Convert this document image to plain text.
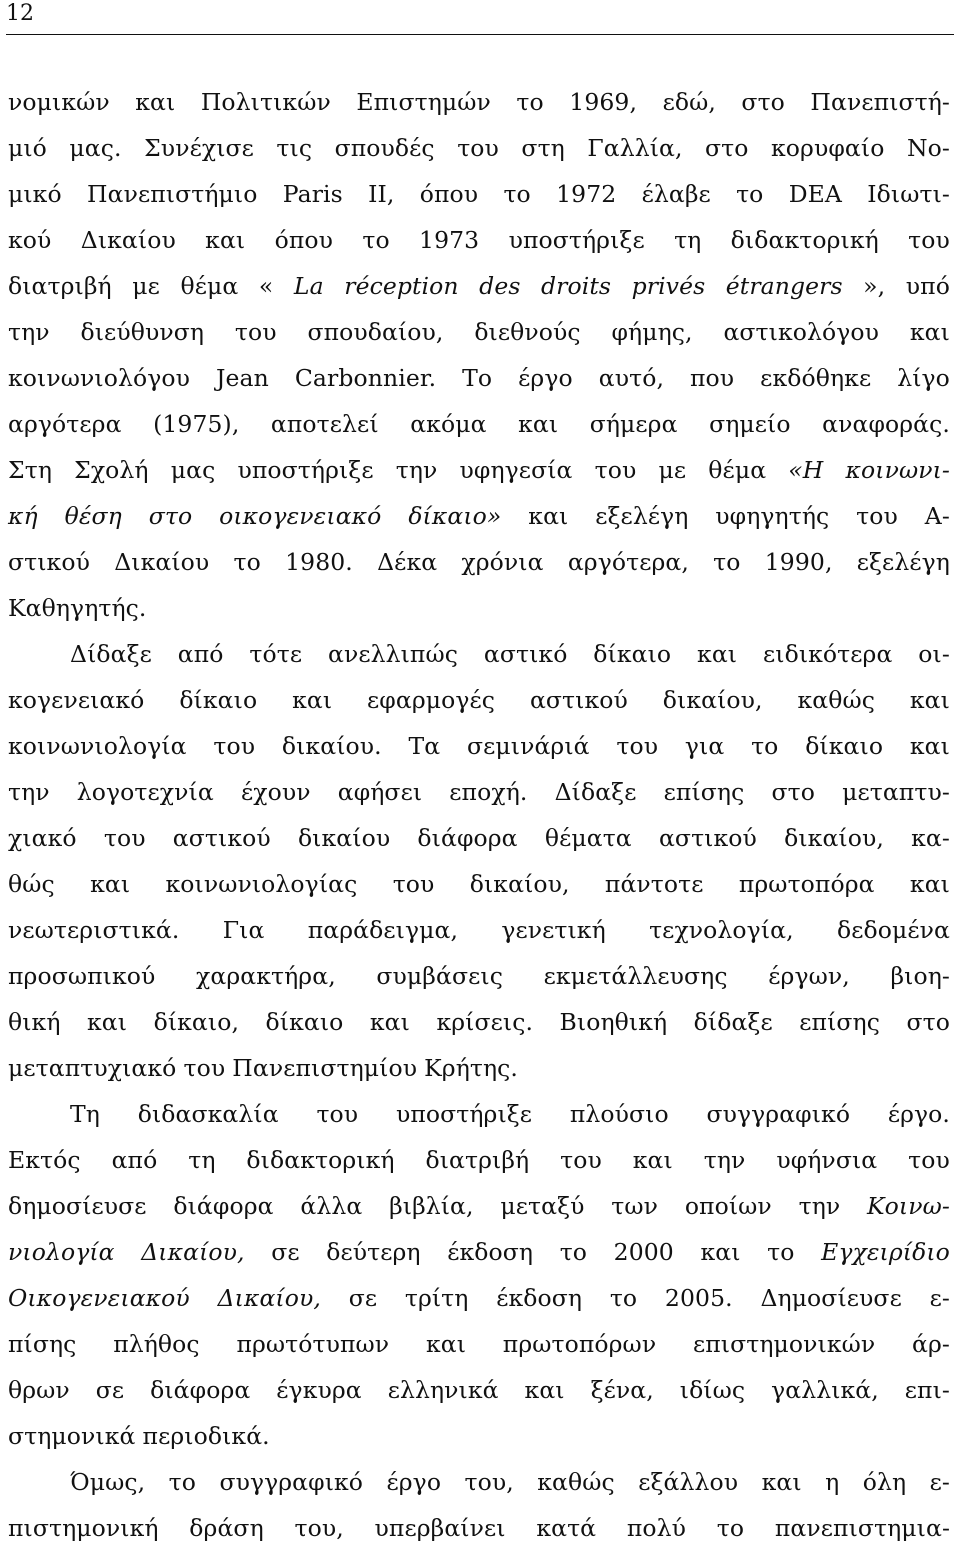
12
νομικών και Πολιτικών Επιστημών το 1969, εδώ, στο Πανεπιστή-
μιό μας. Συνέχισε τις σπουδές του στη Γαλλία, στο κορυφαίο Νο-
μικό Πανεπιστήμιο Paris II, όπου το 1972 έλαβε το DEA Ιδιωτι-
κού Δικαίου και όπου το 1973 υποστήριξε τη διδακτορική του
διατριβή με θέμα « La réception des droits privés étrangers », υπό
την διεύθυνση του σπουδαίου, διεθνούς φήμης, αστικολόγου και
κοινωνιολόγου Jean Carbonnier. Το έργο αυτό, που εκδόθηκε λίγο
αργότερα (1975), αποτελεί ακόμα και σήμερα σημείο αναφοράς.
Στη Σχολή μας υποστήριξε την υφηγεσία του με θέμα «Η κοινωνι-
κή θέση στο οικογενειακό δίκαιο» και εξελέγη υφηγητής του Α-
στικού Δικαίου το 1980. Δέκα χρόνια αργότερα, το 1990, εξελέγη
Καθηγητής.
Δίδαξε από τότε ανελλιπώς αστικό δίκαιο και ειδικότερα οι-
κογενειακό δίκαιο και εφαρμογές αστικού δικαίου, καθώς και
κοινωνιολογία του δικαίου. Τα σεμινάριά του για το δίκαιο και
την λογοτεχνία έχουν αφήσει εποχή. Δίδαξε επίσης στο μεταπτυ-
χιακό του αστικού δικαίου διάφορα θέματα αστικού δικαίου, κα-
θώς και κοινωνιολογίας του δικαίου, πάντοτε πρωτοπόρα και
νεωτεριστικά. Για παράδειγμα, γενετική τεχνολογία, δεδομένα
προσωπικού χαρακτήρα, συμβάσεις εκμετάλλευσης έργων, βιοη-
θική και δίκαιο, δίκαιο και κρίσεις. Βιοηθική δίδαξε επίσης στο
μεταπτυχιακό του Πανεπιστημίου Κρήτης.
Τη διδασκαλία του υποστήριξε πλούσιο συγγραφικό έργο.
Εκτός από τη διδακτορική διατριβή του και την υφήνσια του
δημοσίευσε διάφορα άλλα βιβλία, μεταξύ των οποίων την Κοινω-
νιολογία Δικαίου, σε δεύτερη έκδοση το 2000 και το Εγχειρίδιο
Οικογενειακού Δικαίου, σε τρίτη έκδοση το 2005. Δημοσίευσε ε-
πίσης πλήθος πρωτότυπων και πρωτοπόρων επιστημονικών άρ-
θρων σε διάφορα έγκυρα ελληνικά και ξένα, ιδίως γαλλικά, επι-
στημονικά περιοδικά.
Όμως, το συγγραφικό έργο του, καθώς εξάλλου και η όλη ε-
πιστημονική δράση του, υπερβαίνει κατά πολύ το πανεπιστημια-
